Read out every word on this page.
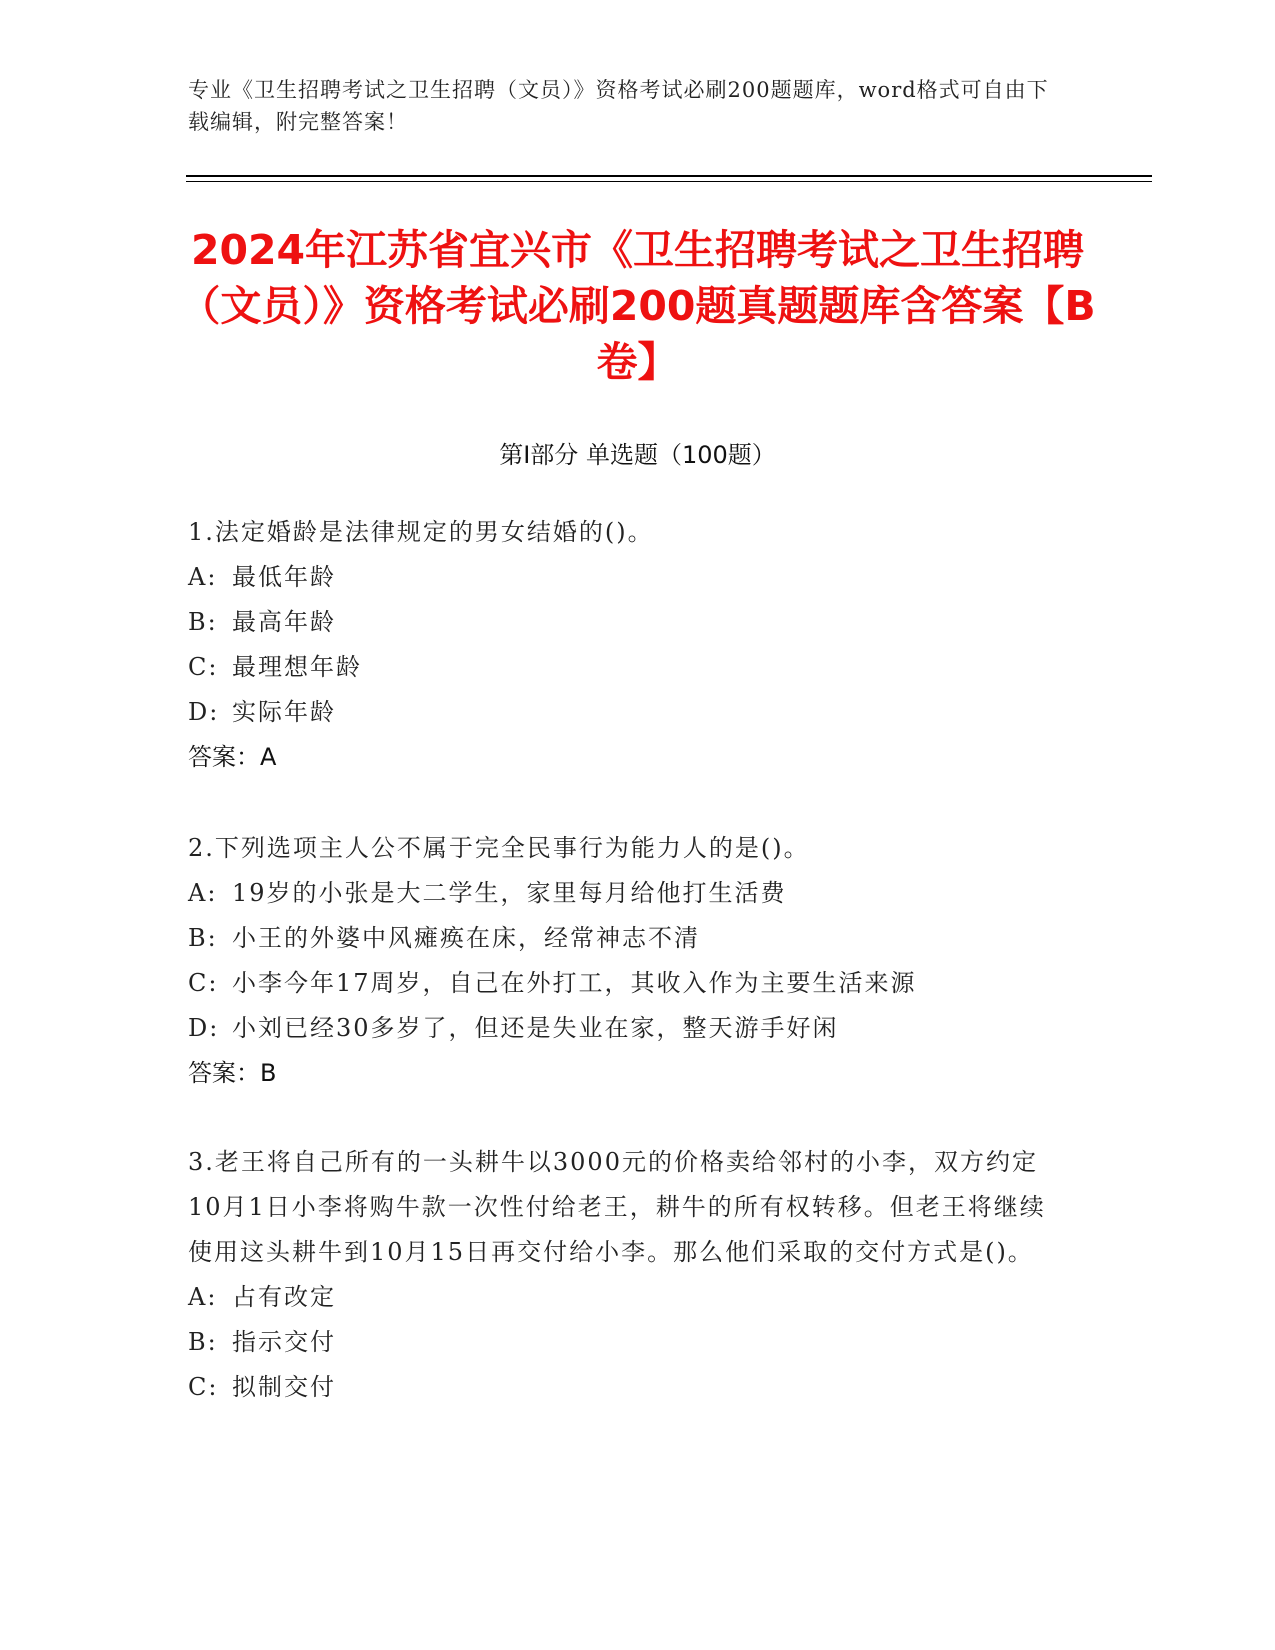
专业《卫生招聘考试之卫生招聘（文员）》资格考试必刷200题题库，word格式可自由下载编辑，附完整答案！
2024年江苏省宜兴市《卫生招聘考试之卫生招聘（文员）》资格考试必刷200题真题题库含答案【B卷】
第I部分 单选题（100题）
1.法定婚龄是法律规定的男女结婚的()。
A: 最低年龄
B: 最高年龄
C: 最理想年龄
D: 实际年龄
答案：A
2.下列选项主人公不属于完全民事行为能力人的是()。
A: 19岁的小张是大二学生，家里每月给他打生活费
B: 小王的外婆中风瘫痪在床，经常神志不清
C: 小李今年17周岁，自己在外打工，其收入作为主要生活来源
D: 小刘已经30多岁了，但还是失业在家，整天游手好闲
答案：B
3.老王将自己所有的一头耕牛以3000元的价格卖给邻村的小李，双方约定10月1日小李将购牛款一次性付给老王，耕牛的所有权转移。但老王将继续使用这头耕牛到10月15日再交付给小李。那么他们采取的交付方式是()。
A: 占有改定
B: 指示交付
C: 拟制交付
